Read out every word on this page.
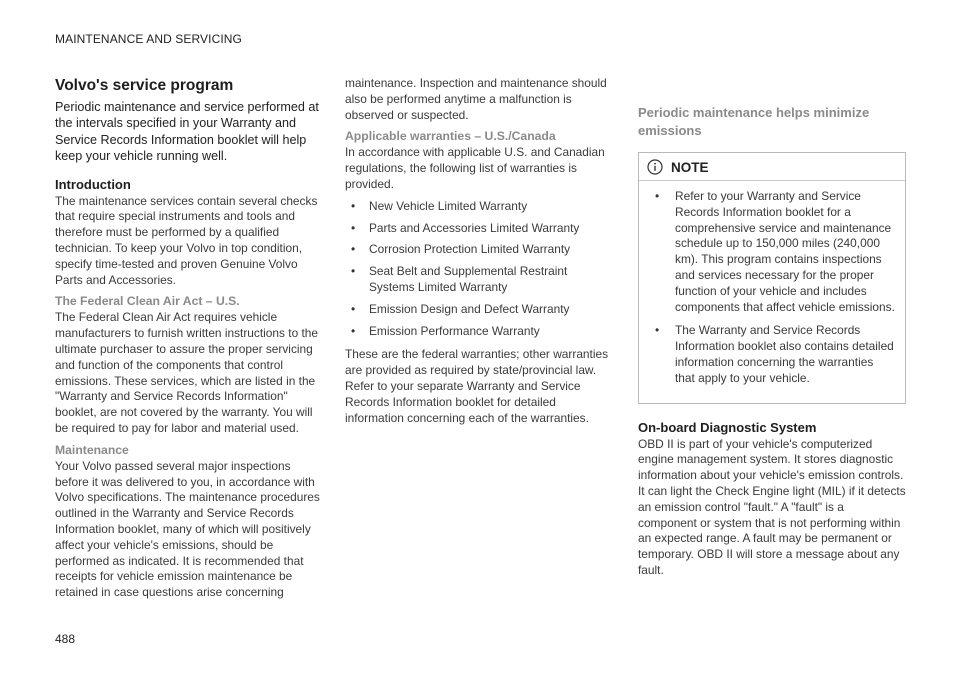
MAINTENANCE AND SERVICING
Volvo's service program
Periodic maintenance and service performed at the intervals specified in your Warranty and Service Records Information booklet will help keep your vehicle running well.
Introduction

The maintenance services contain several checks that require special instruments and tools and therefore must be performed by a qualified technician. To keep your Volvo in top condition, specify time-tested and proven Genuine Volvo Parts and Accessories.

The Federal Clean Air Act – U.S.

The Federal Clean Air Act requires vehicle manufacturers to furnish written instructions to the ultimate purchaser to assure the proper servicing and function of the components that control emissions. These services, which are listed in the "Warranty and Service Records Information" booklet, are not covered by the warranty. You will be required to pay for labor and material used.

Maintenance

Your Volvo passed several major inspections before it was delivered to you, in accordance with Volvo specifications. The maintenance procedures outlined in the Warranty and Service Records Information booklet, many of which will positively affect your vehicle's emissions, should be performed as indicated. It is recommended that receipts for vehicle emission maintenance be retained in case questions arise concerning

maintenance. Inspection and maintenance should also be performed anytime a malfunction is observed or suspected.

Applicable warranties – U.S./Canada

In accordance with applicable U.S. and Canadian regulations, the following list of warranties is provided.

• New Vehicle Limited Warranty
• Parts and Accessories Limited Warranty
• Corrosion Protection Limited Warranty
• Seat Belt and Supplemental Restraint Systems Limited Warranty
• Emission Design and Defect Warranty
• Emission Performance Warranty

These are the federal warranties; other warranties are provided as required by state/provincial law. Refer to your separate Warranty and Service Records Information booklet for detailed information concerning each of the warranties.

Periodic maintenance helps minimize emissions
NOTE
• Refer to your Warranty and Service Records Information booklet for a comprehensive service and maintenance schedule up to 150,000 miles (240,000 km). This program contains inspections and services necessary for the proper function of your vehicle and includes components that affect vehicle emissions.
• The Warranty and Service Records Information booklet also contains detailed information concerning the warranties that apply to your vehicle.
On-board Diagnostic System

OBD II is part of your vehicle's computerized engine management system. It stores diagnostic information about your vehicle's emission controls. It can light the Check Engine light (MIL) if it detects an emission control "fault." A "fault" is a component or system that is not performing within an expected range. A fault may be permanent or temporary. OBD II will store a message about any fault.

488
